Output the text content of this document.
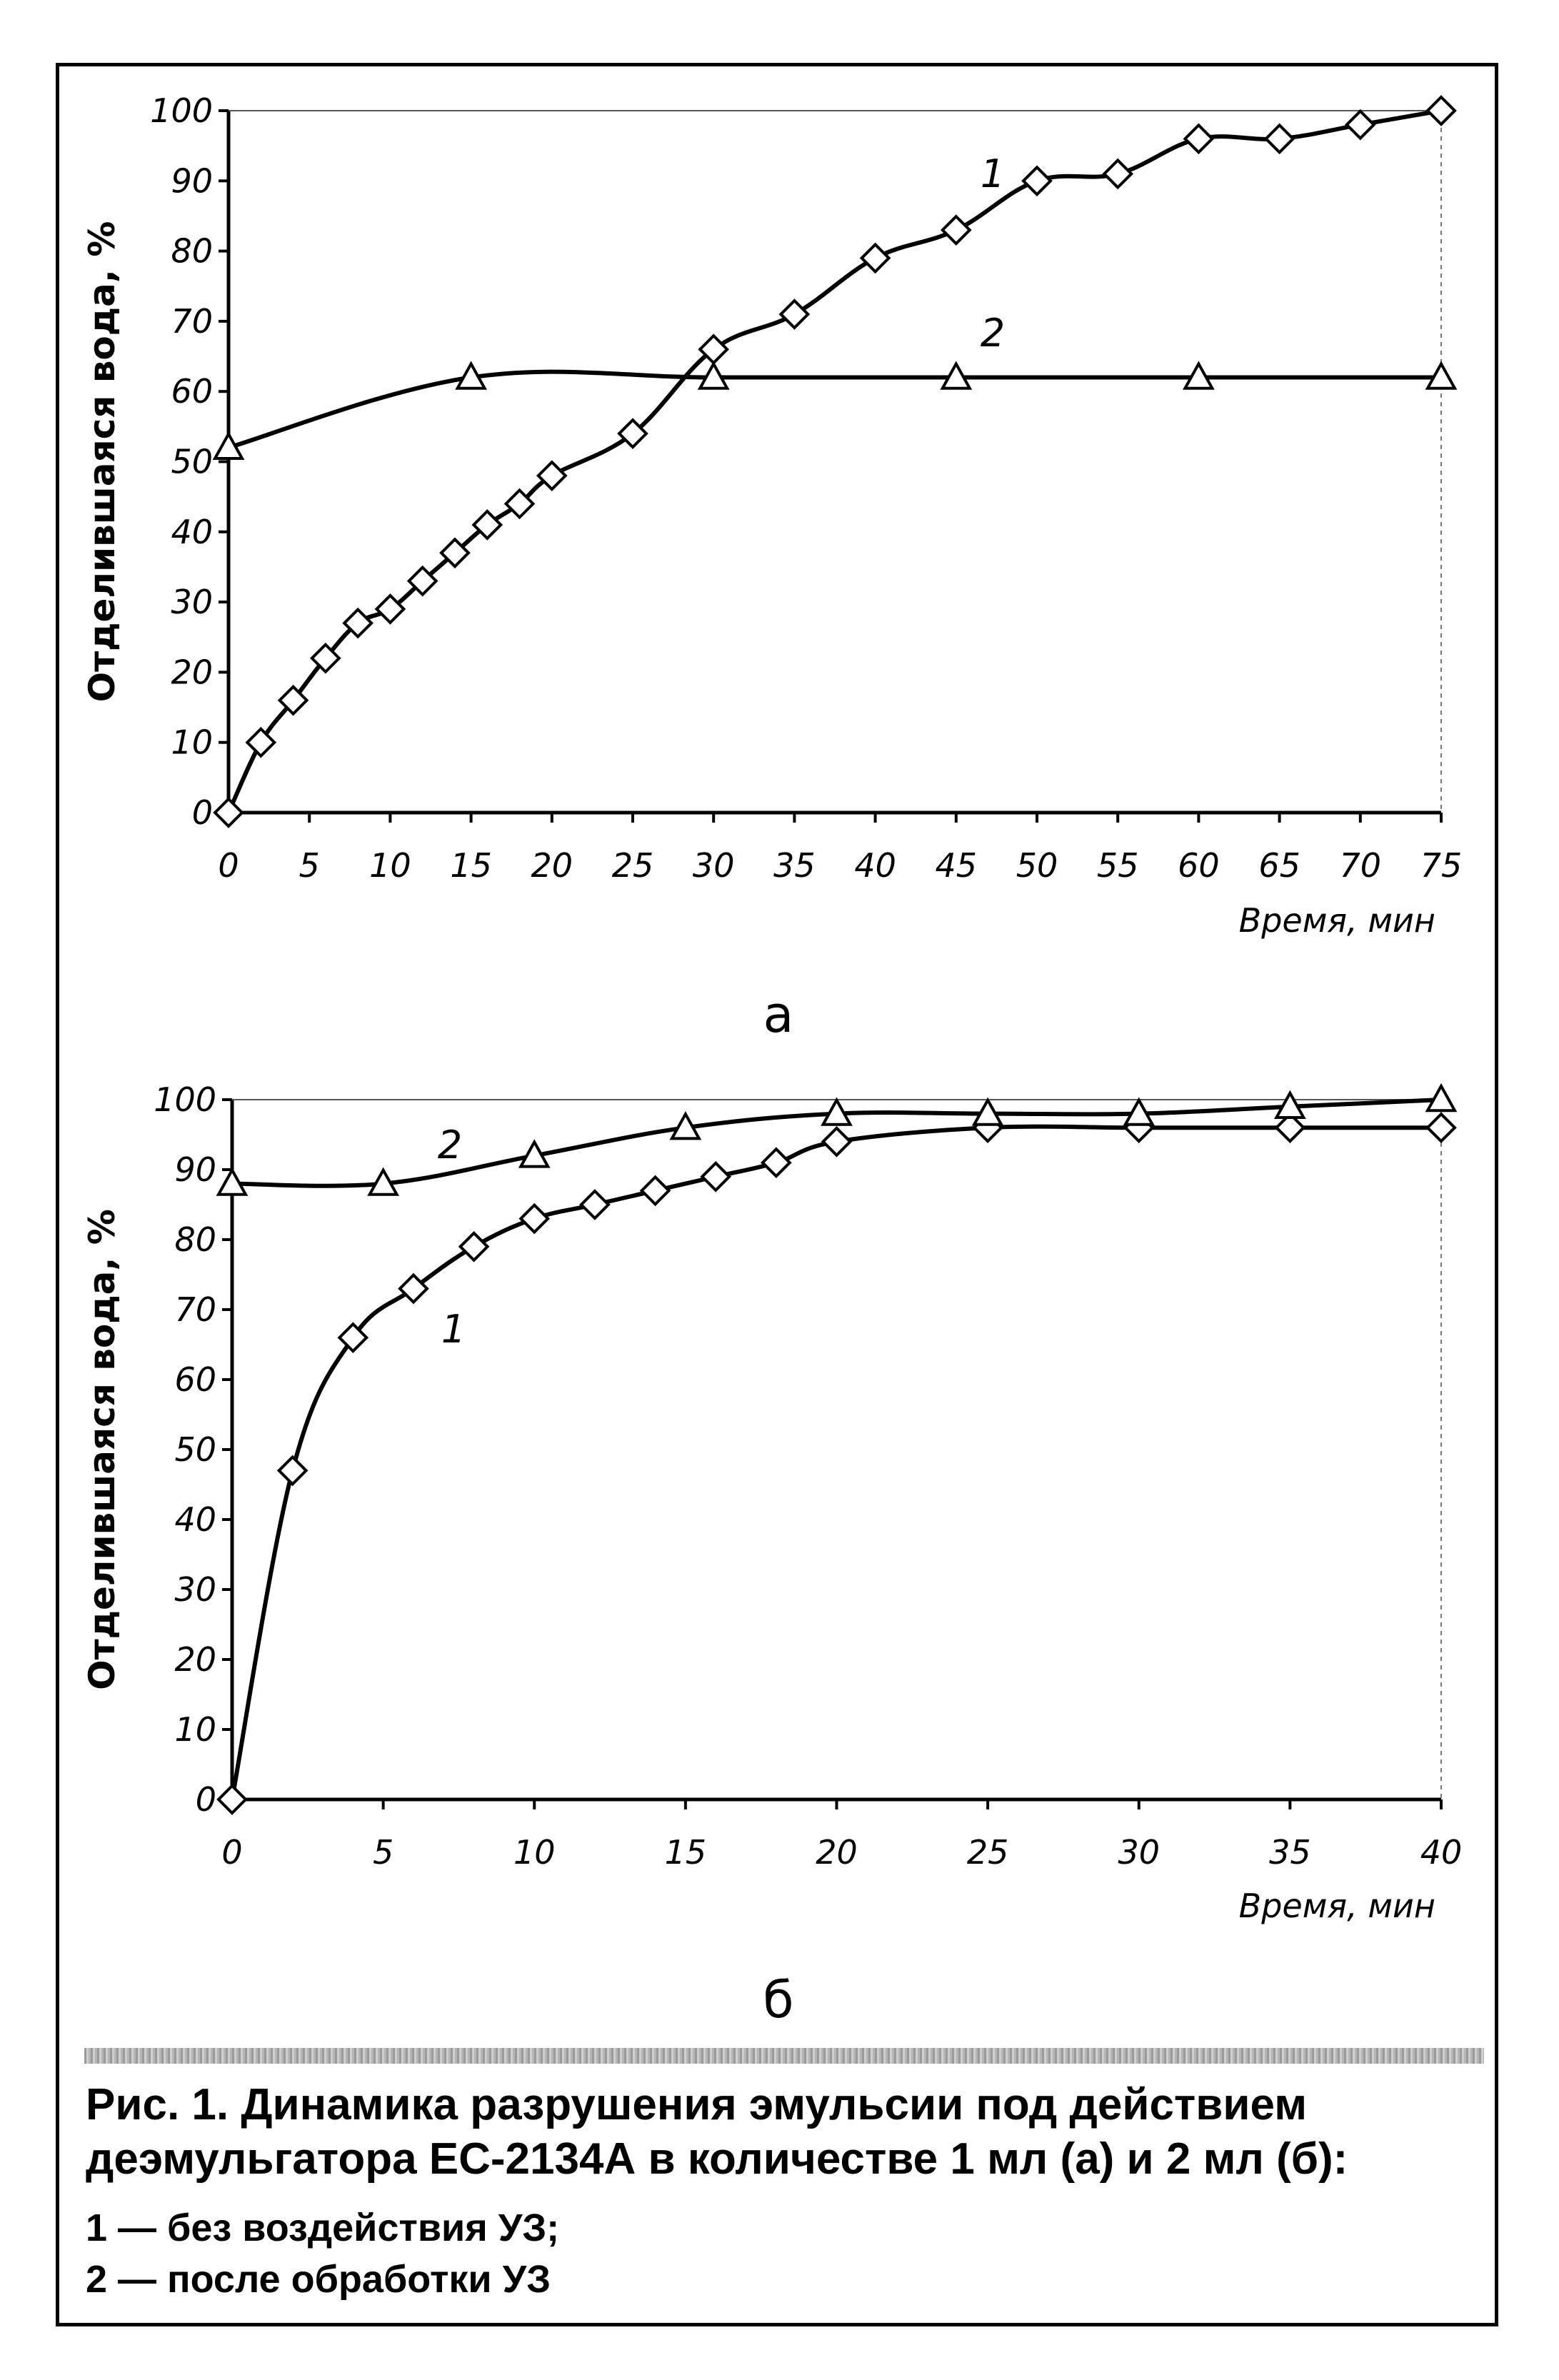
0
10
20
30
40
50
60
70
80
90
100
0 5 10 15 20 25 30 35 40 45 50 55 60 65 70 75
Время, мин
Отделившаяся вода, %
a
1
2
0
10
20
30
40
50
60
70
80
90
100
0	5	10	15	20	25	30	35	40
Время, мин
Отделившаяся вода, %
б
2
1

Рис. 1. Динамика разрушения эмульсии под действием

деэмульгатора ЕС-2134А в количестве 1 мл (а) и 2 мл (б):

1 — без воздействия УЗ;

2 — после обработки УЗ
